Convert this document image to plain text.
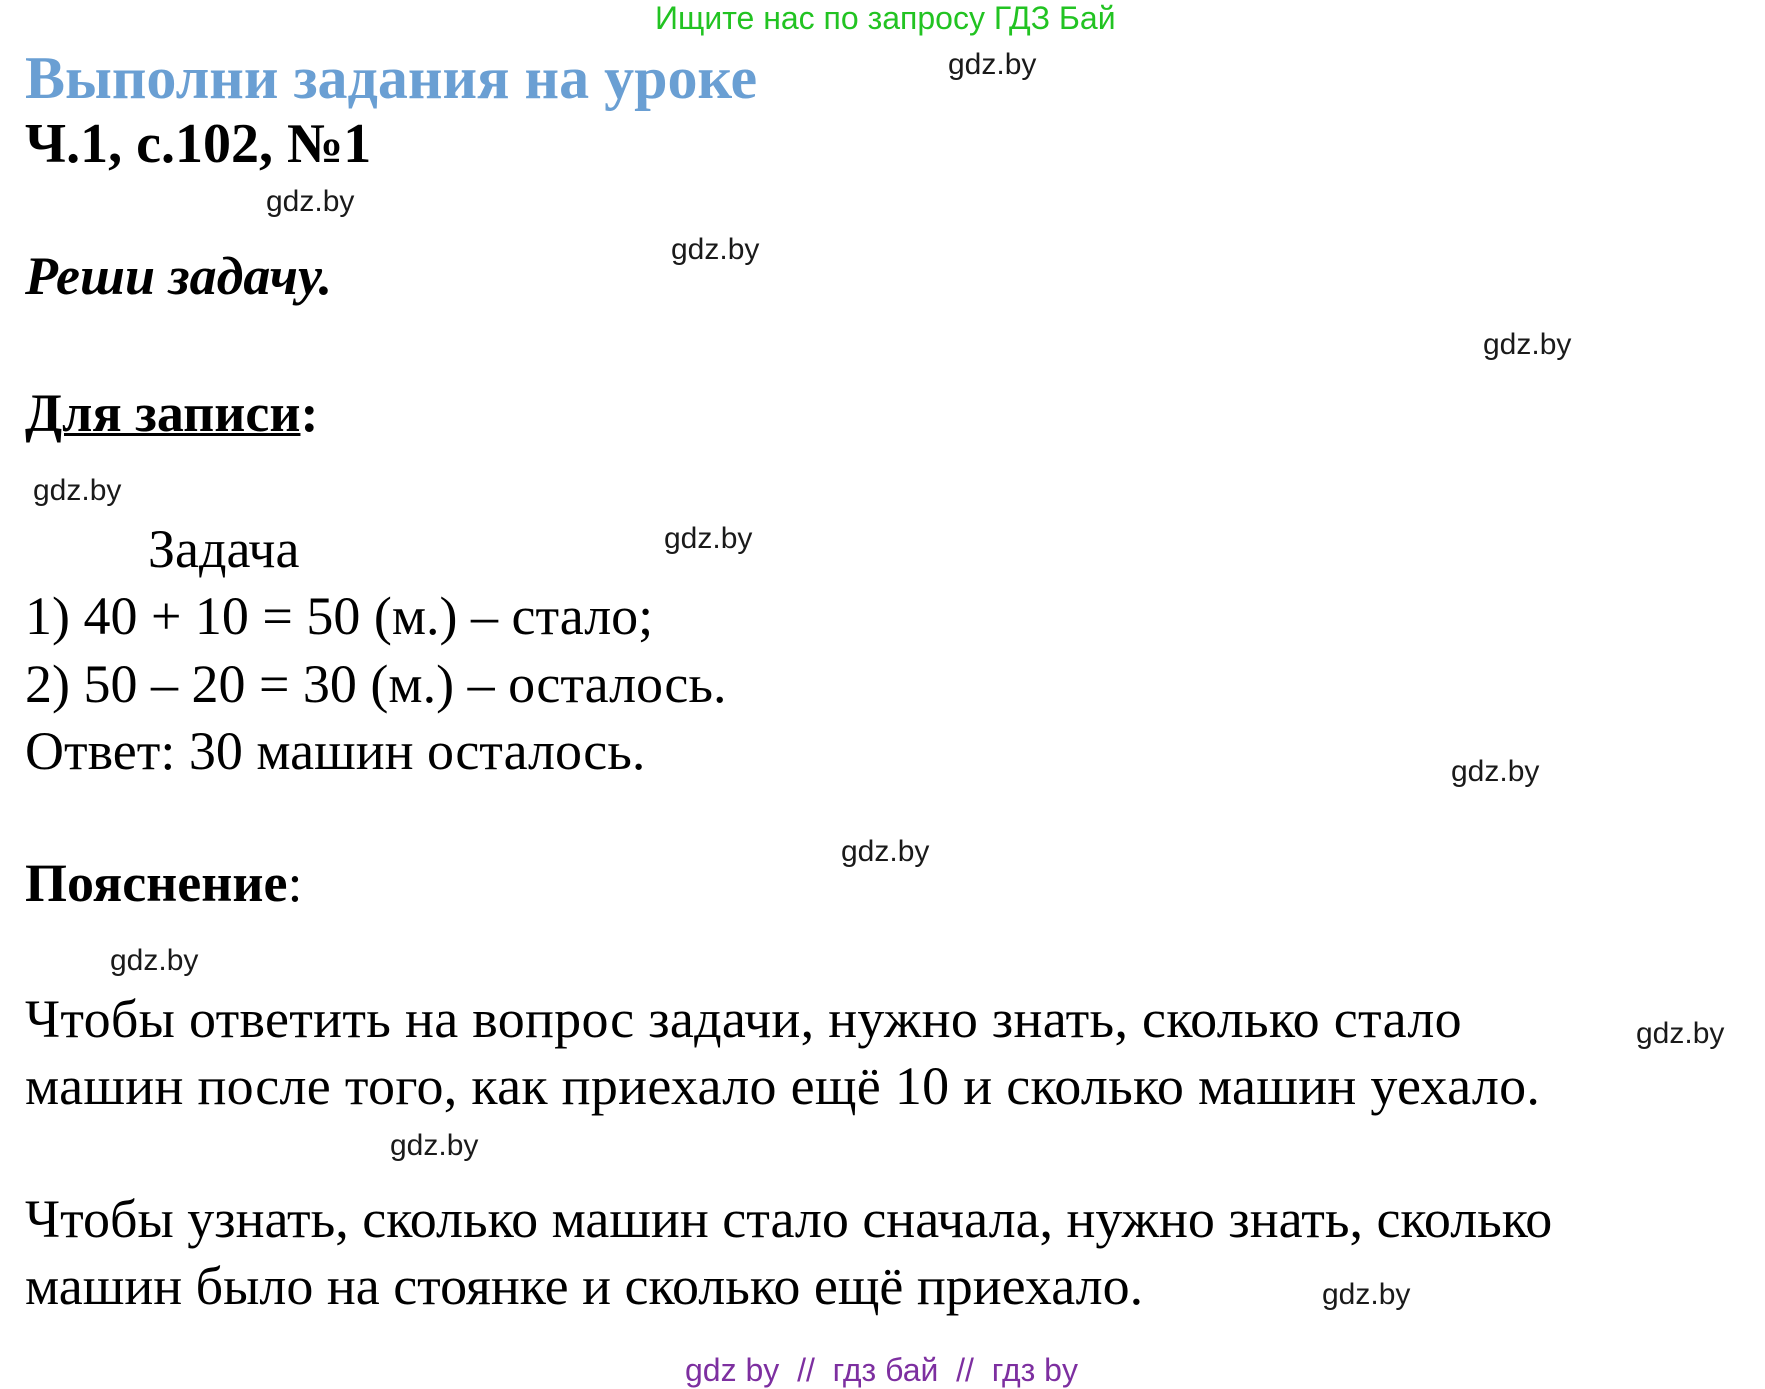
Ищите нас по запросу ГДЗ Бай
Выполни задания на уроке
Ч.1, с.102, №1
Реши задачу.
Для записи:
Задача
1) 40 + 10 = 50 (м.) – стало;
2) 50 – 20 = 30 (м.) – осталось.
Ответ: 30 машин осталось.
Пояснение:
Чтобы ответить на вопрос задачи, нужно знать, сколько стало
машин после того, как приехало ещё 10 и сколько машин уехало.
Чтобы узнать, сколько машин стало сначала, нужно знать, сколько
машин было на стоянке и сколько ещё приехало.
gdz.by
gdz.by
gdz.by
gdz.by
gdz.by
gdz.by
gdz.by
gdz.by
gdz.by
gdz.by
gdz.by
gdz.by
gdz by  //  гдз бай  //  гдз by
